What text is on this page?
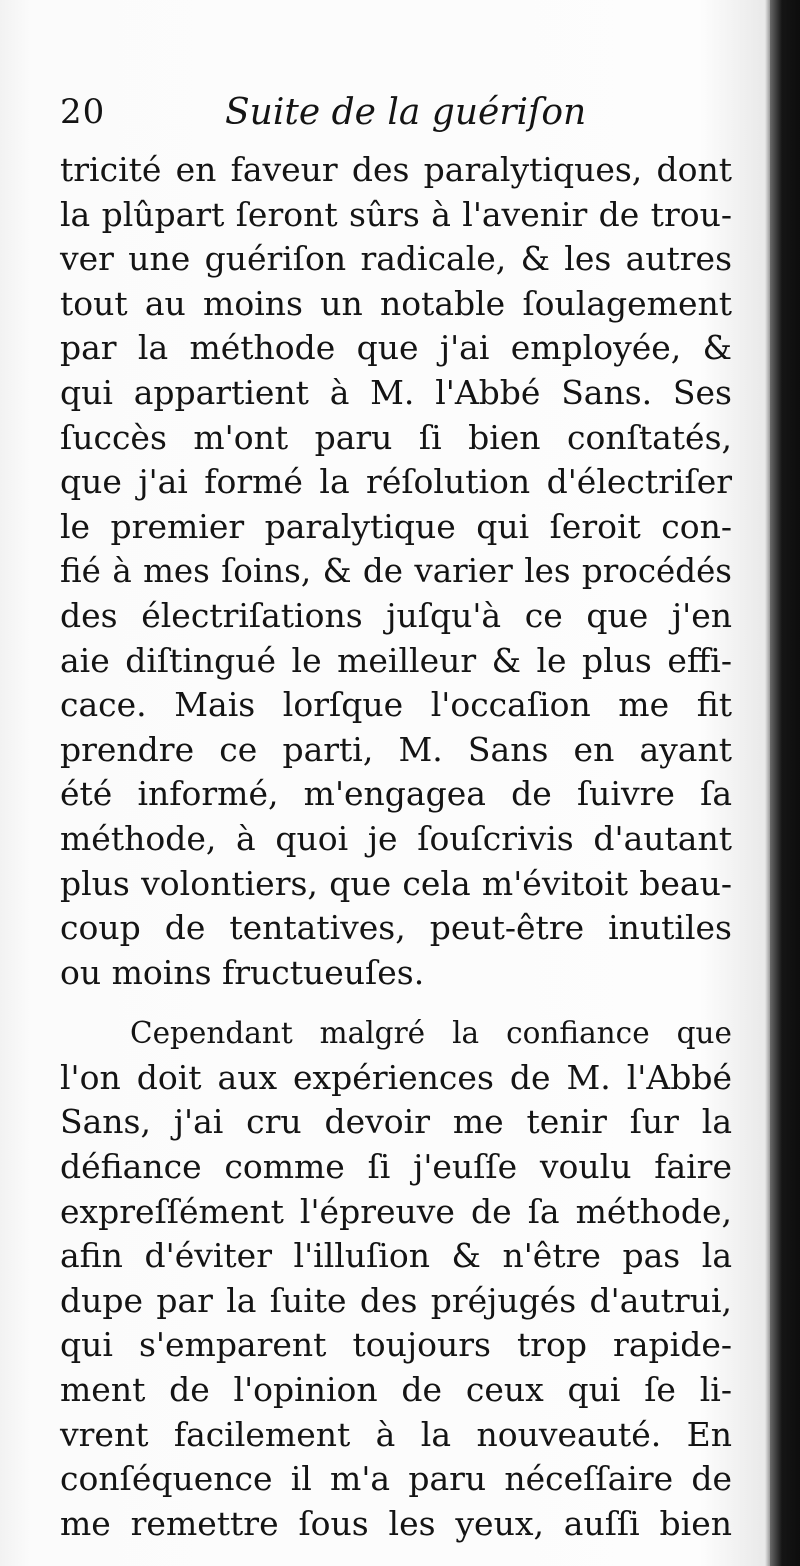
20	Suite de la guériſon
tricité en faveur des paralytiques, dont
la plûpart ſeront sûrs à l'avenir de trou-
ver une guériſon radicale, & les autres
tout au moins un notable ſoulagement
par la méthode que j'ai employée, &
qui appartient à M. l'Abbé Sans. Ses
ſuccès m'ont paru ſi bien conſtatés,
que j'ai formé la réſolution d'électriſer
le premier paralytique qui ſeroit con-
fié à mes ſoins, & de varier les procédés
des électriſations juſqu'à ce que j'en
aie diſtingué le meilleur & le plus effi-
cace. Mais lorſque l'occaſion me fit
prendre ce parti, M. Sans en ayant
été informé, m'engagea de ſuivre ſa
méthode, à quoi je ſouſcrivis d'autant
plus volontiers, que cela m'évitoit beau-
coup de tentatives, peut-être inutiles
ou moins fructueuſes.
Cependant malgré la confiance que
l'on doit aux expériences de M. l'Abbé
Sans, j'ai cru devoir me tenir ſur la
défiance comme ſi j'euſſe voulu faire
expreſſément l'épreuve de ſa méthode,
afin d'éviter l'illuſion & n'être pas la
dupe par la ſuite des préjugés d'autrui,
qui s'emparent toujours trop rapide-
ment de l'opinion de ceux qui ſe li-
vrent facilement à la nouveauté. En
conſéquence il m'a paru néceſſaire de
me remettre ſous les yeux, auſſi bien
